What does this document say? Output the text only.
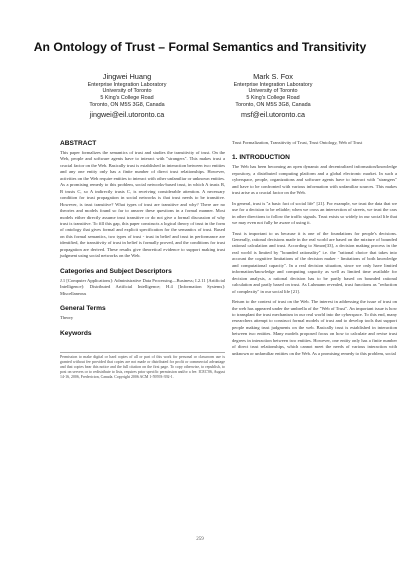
An Ontology of Trust – Formal Semantics and Transitivity
Jingwei Huang
Enterprise Integration Laboratory
University of Toronto
5 King's College Road
Toronto, ON M5S 3G8, Canada
jingwei@eil.utoronto.ca
Mark S. Fox
Enterprise Integration Laboratory
University of Toronto
5 King's College Road
Toronto, ON M5S 3G8, Canada
msf@eil.utoronto.ca
ABSTRACT

This paper formalizes the semantics of trust and studies the transitivity of trust. On the Web, people and software agents have to interact with "strangers". This makes trust a crucial factor on the Web. Basically trust is established in interaction between two entities and any one entity only has a finite number of direct trust relationships. However, activities on the Web require entities to interact with other unfamiliar or unknown entities. As a promising remedy to this problem, social networks-based trust, in which A trusts B, B trusts C, so A indirectly trusts C, is receiving considerable attention. A necessary condition for trust propagation in social networks is that trust needs to be transitive. However, is trust transitive? What types of trust are transitive and why? There are no theories and models found so far to answer these questions in a formal manner. Most models either directly assume trust transitive or do not give a formal discussion of why trust is transitive. To fill this gap, this paper constructs a logical theory of trust in the form of ontology that gives formal and explicit specification for the semantics of trust. Based on this formal semantics, two types of trust - trust in belief and trust in performance are identified, the transitivity of trust in belief is formally proved, and the conditions for trust propagation are derived. These results give theoretical evidence to support making trust judgment using social networks on the Web.

Categories and Subject Descriptors

J.1 [Computer Applications]: Administrative Data Processing—Business; I.2.11 [Artificial Intelligence]: Distributed Artificial Intelligence; H.4 [Information Systems]: Miscellaneous

General Terms

Theory

Keywords

Permission to make digital or hard copies of all or part of this work for personal or classroom use is granted without fee provided that copies are not made or distributed for profit or commercial advantage and that copies bear this notice and the full citation on the first page. To copy otherwise, to republish, to post on servers or to redistribute to lists, requires prior specific permission and/or a fee. ICEC'06, August 14-16, 2006, Fredericton, Canada. Copyright 2006 ACM 1-59593-392-1.

Trust Formalization, Transitivity of Trust, Trust Ontology, Web of Trust

1. INTRODUCTION

The Web has been becoming an open dynamic and decentralized information/knowledge repository, a distributed computing platform and a global electronic market. In such a cyberspace, people, organizations and software agents have to interact with "strangers" and have to be confronted with various information with unfamiliar sources. This makes trust arise as a crucial factor on the Web.

In general, trust is "a basic fact of social life" [21]. For example, we trust the data that we use for a decision to be reliable; when we cross an intersection of streets, we trust the cars in other directions to follow the traffic signals. Trust exists so widely in our social life that we may even not fully be aware of using it.

Trust is important to us because it is one of the foundations for people's decisions. Generally, rational decisions made in the real world are based on the mixture of bounded rational calculation and trust. According to Simon[33], a decision making process in the real world is limited by "bounded rationality" i.e. the "rational choice that takes into account the cognitive limitations of the decision maker - limitations of both knowledge and computational capacity". In a real decision situation, since we only have limited information/knowledge and computing capacity as well as limited time available for decision analysis, a rational decision has to be partly based on bounded rational calculation and partly based on trust. As Luhmann revealed, trust functions as "reduction of complexity" in our social life [21].

Return to the context of trust on the Web. The interest in addressing the issue of trust on the web has appeared under the umbrella of the "Web of Trust". An important issue is how to transplant the trust mechanism in our real world into the cyberspace. To this end, many researchers attempt to construct formal models of trust and to develop tools that support people making trust judgments on the web. Basically trust is established in interaction between two entities. Many models proposed focus on how to calculate and revise trust degrees in interaction between two entities. However, one entity only has a finite number of direct trust relationships, which cannot meet the needs of various interaction with unknown or unfamiliar entities on the Web. As a promising remedy to this problem, social

259
